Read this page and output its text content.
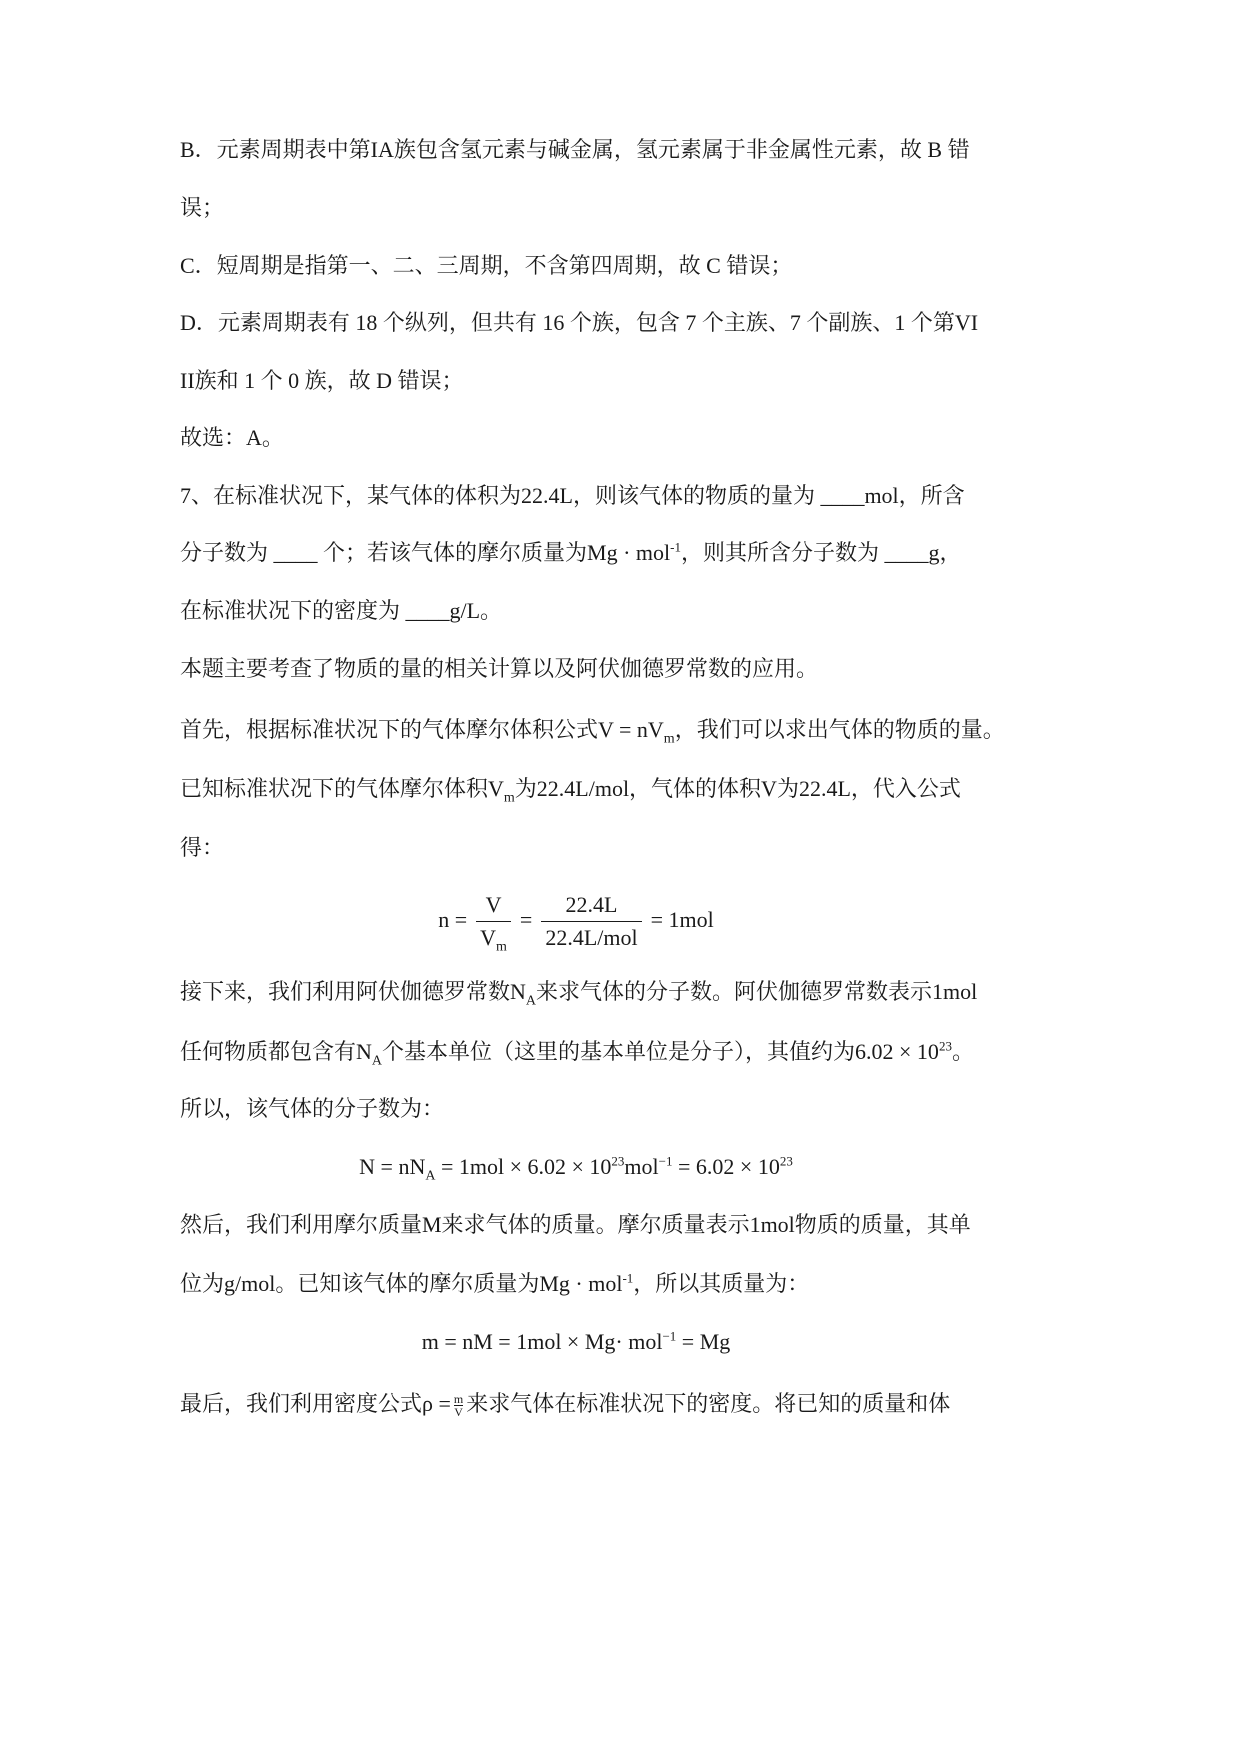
B．元素周期表中第IA族包含氢元素与碱金属，氢元素属于非金属性元素，故 B 错
误；
C．短周期是指第一、二、三周期，不含第四周期，故 C 错误；
D．元素周期表有 18 个纵列，但共有 16 个族，包含 7 个主族、7 个副族、1 个第VI
II族和 1 个 0 族，故 D 错误；
故选：A。
7、在标准状况下，某气体的体积为22.4L，则该气体的物质的量为 ____mol，所含
分子数为 ____ 个；若该气体的摩尔质量为Mg · mol$^{-1}$，则其所含分子数为 ____g，
在标准状况下的密度为 ____g/L。
本题主要考查了物质的量的相关计算以及阿伏伽德罗常数的应用。
首先，根据标准状况下的气体摩尔体积公式$V = nV_m$，我们可以求出气体的物质的量。
已知标准状况下的气体摩尔体积$V_m$为22.4L/mol，气体的体积V为22.4L，代入公式
得：
$n = \frac{V}{V_m} = \frac{22.4L}{\text{22.4L/mol}} = 1mol$
接下来，我们利用阿伏伽德罗常数$N_A$来求气体的分子数。阿伏伽德罗常数表示1mol
任何物质都包含有$N_A$个基本单位（这里的基本单位是分子），其值约为$6.02 \times 10^{23}$。
所以，该气体的分子数为：
$N = nN_A = 1mol \times 6.02 \times 10^{23}mol^{-1} = 6.02 \times 10^{23}$
然后，我们利用摩尔质量M来求气体的质量。摩尔质量表示1mol物质的质量，其单
位为g/mol。已知该气体的摩尔质量为Mg · mol$^{-1}$，所以其质量为：
m = nM = 1mol × Mg· mol$^{-1}$ = Mg
最后，我们利用密度公式$\rho = \frac{m}{V}$ 来求气体在标准状况下的密度。将已知的质量和体
